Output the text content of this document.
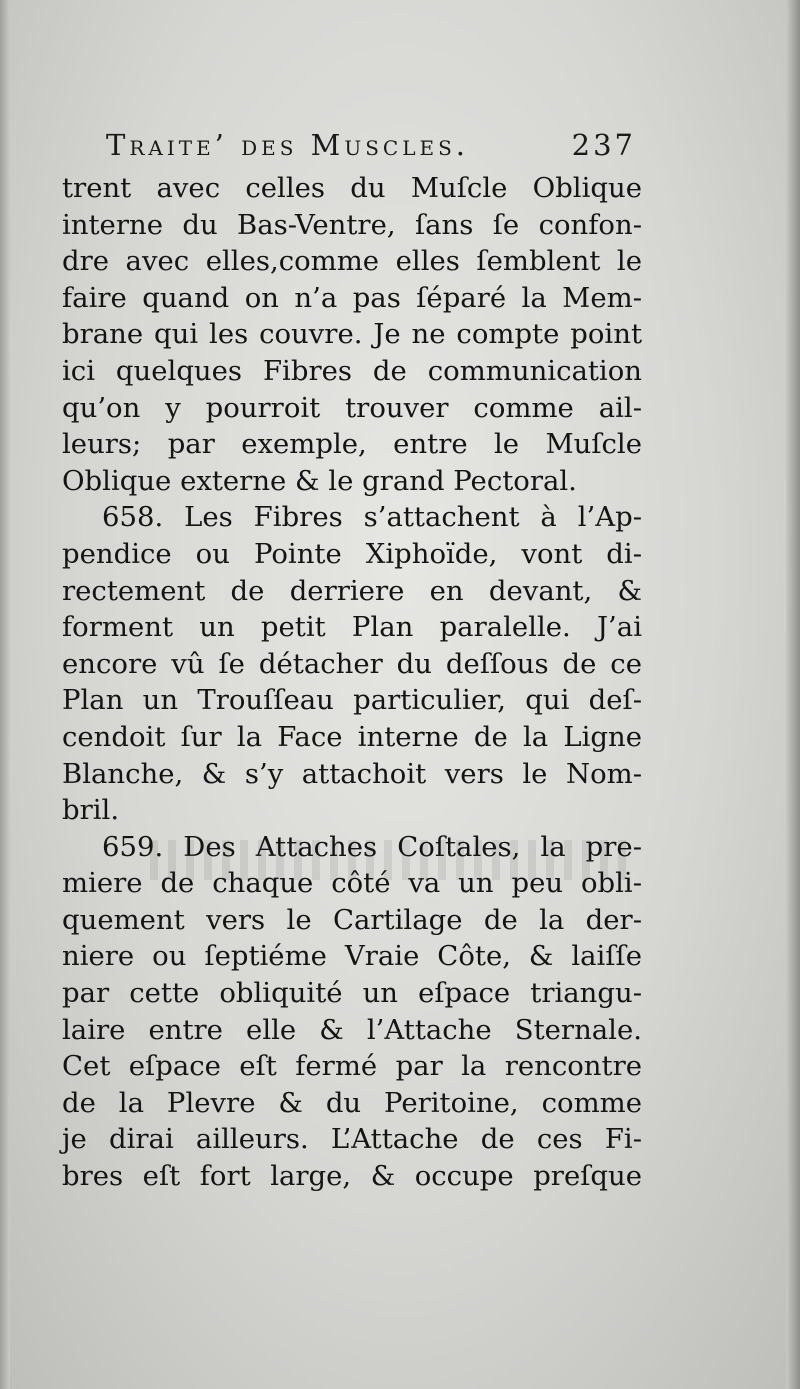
Traite’ des Muscles.	237
trent avec celles du Muſcle Oblique
interne du Bas-Ventre, ſans ſe confon-
dre avec elles,comme elles ſemblent le
faire quand on n’a pas ſéparé la Mem-
brane qui les couvre. Je ne compte point
ici quelques Fibres de communication
qu’on y pourroit trouver comme ail-
leurs; par exemple, entre le Muſcle
Oblique externe & le grand Pectoral.
658. Les Fibres s’attachent à l’Ap-
pendice ou Pointe Xiphoïde, vont di-
rectement de derriere en devant, &
forment un petit Plan paralelle. J’ai
encore vû ſe détacher du deſſous de ce
Plan un Trouſſeau particulier, qui deſ-
cendoit ſur la Face interne de la Ligne
Blanche, & s’y attachoit vers le Nom-
bril.
659. Des Attaches Coſtales, la pre-
miere de chaque côté va un peu obli-
quement vers le Cartilage de la der-
niere ou ſeptiéme Vraie Côte, & laiſſe
par cette obliquité un eſpace triangu-
laire entre elle & l’Attache Sternale.
Cet eſpace eſt fermé par la rencontre
de la Plevre & du Peritoine, comme
je dirai ailleurs. L’Attache de ces Fi-
bres eſt fort large, & occupe preſque
